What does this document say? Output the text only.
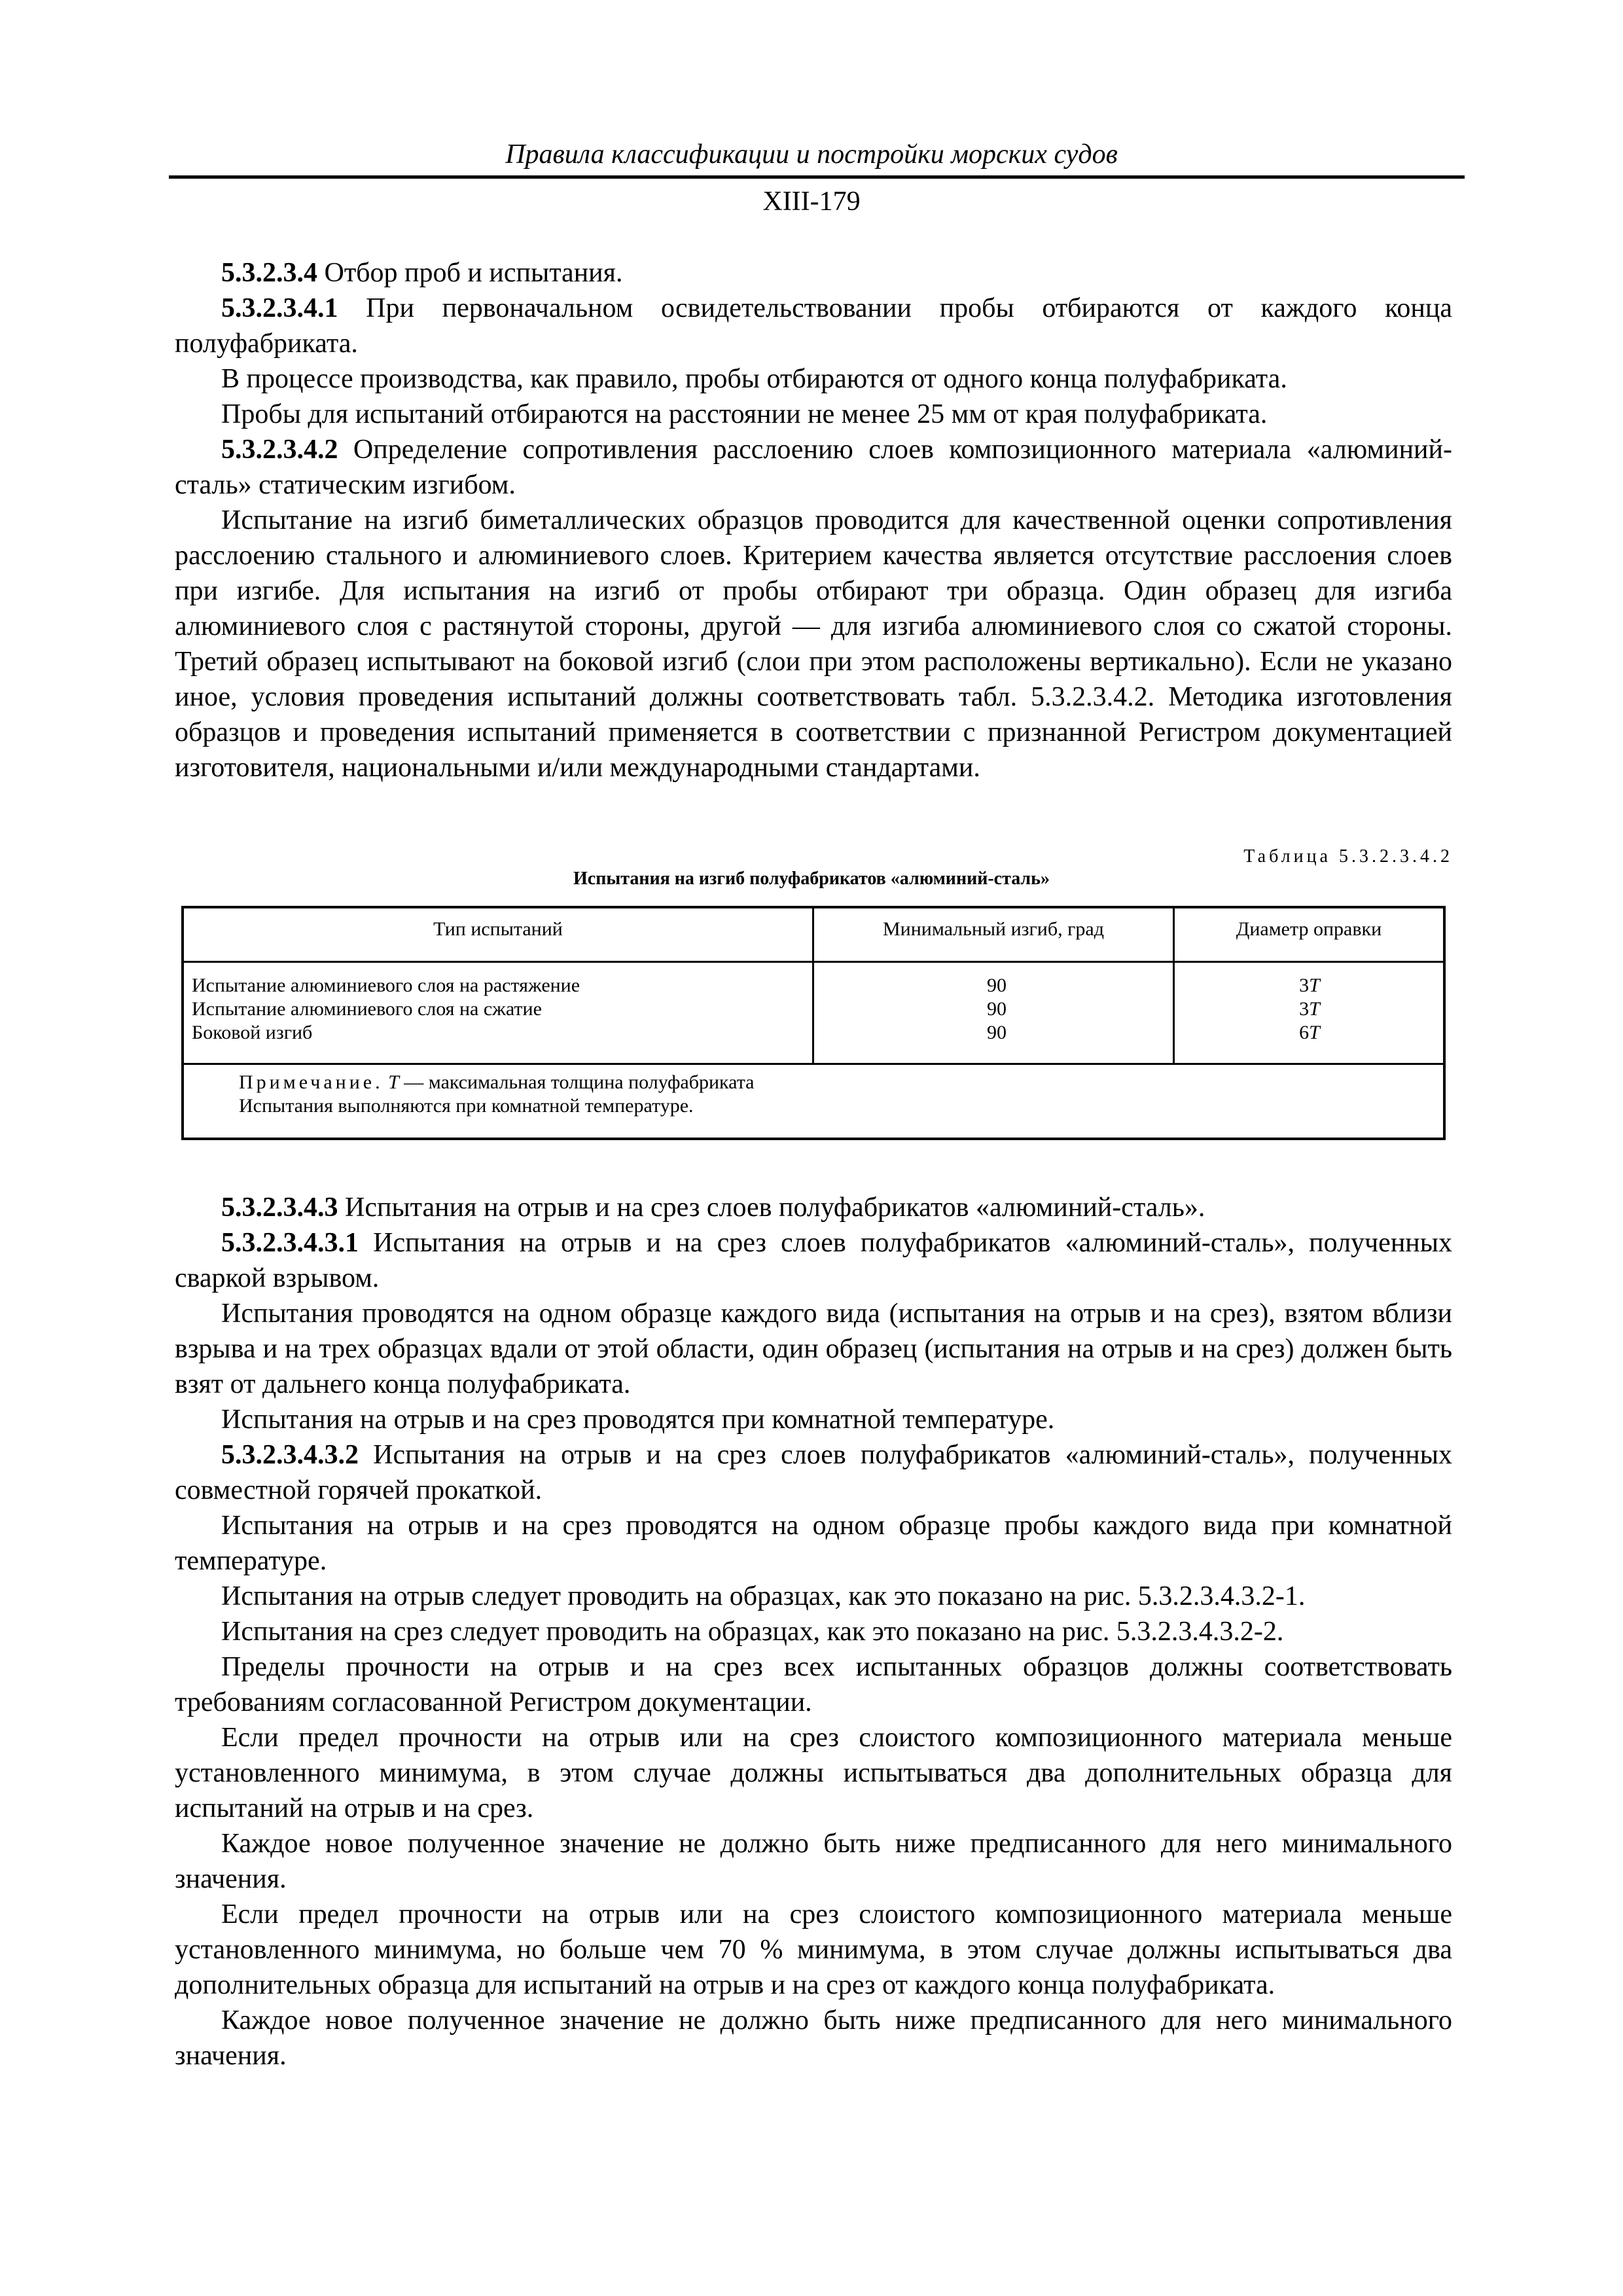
Правила классификации и постройки морских судов
XIII-179

5.3.2.3.4 Отбор проб и испытания.

5.3.2.3.4.1 При первоначальном освидетельствовании пробы отбираются от каждого конца полуфабриката.

В процессе производства, как правило, пробы отбираются от одного конца полуфабриката.

Пробы для испытаний отбираются на расстоянии не менее 25 мм от края полуфабриката.

5.3.2.3.4.2 Определение сопротивления расслоению слоев композиционного материала «алюминий-сталь» статическим изгибом.

Испытание на изгиб биметаллических образцов проводится для качественной оценки сопротивления расслоению стального и алюминиевого слоев. Критерием качества является отсутствие расслоения слоев при изгибе. Для испытания на изгиб от пробы отбирают три образца. Один образец для изгиба алюминиевого слоя с растянутой стороны, другой — для изгиба алюминиевого слоя со сжатой стороны. Третий образец испытывают на боковой изгиб (слои при этом расположены вертикально). Если не указано иное, условия проведения испытаний должны соответствовать табл. 5.3.2.3.4.2. Методика изготовления образцов и проведения испытаний применяется в соответствии с признанной Регистром документацией изготовителя, национальными и/или международными стандартами.

Таблица 5.3.2.3.4.2
Испытания на изгиб полуфабрикатов «алюминий-сталь»
Тип испытаний	Минимальный изгиб, град	Диаметр оправки
Испытание алюминиевого слоя на растяжение
Испытание алюминиевого слоя на сжатие
Боковой изгиб
90
90
90
3T
3T
6T
Примечание. T — максимальная толщина полуфабриката
Испытания выполняются при комнатной температуре.

5.3.2.3.4.3 Испытания на отрыв и на срез слоев полуфабрикатов «алюминий-сталь».

5.3.2.3.4.3.1 Испытания на отрыв и на срез слоев полуфабрикатов «алюминий-сталь», полученных сваркой взрывом.

Испытания проводятся на одном образце каждого вида (испытания на отрыв и на срез), взятом вблизи взрыва и на трех образцах вдали от этой области, один образец (испытания на отрыв и на срез) должен быть взят от дальнего конца полуфабриката.

Испытания на отрыв и на срез проводятся при комнатной температуре.

5.3.2.3.4.3.2 Испытания на отрыв и на срез слоев полуфабрикатов «алюминий-сталь», полученных совместной горячей прокаткой.

Испытания на отрыв и на срез проводятся на одном образце пробы каждого вида при комнатной температуре.

Испытания на отрыв следует проводить на образцах, как это показано на рис. 5.3.2.3.4.3.2-1.

Испытания на срез следует проводить на образцах, как это показано на рис. 5.3.2.3.4.3.2-2.

Пределы прочности на отрыв и на срез всех испытанных образцов должны соответствовать требованиям согласованной Регистром документации.

Если предел прочности на отрыв или на срез слоистого композиционного материала меньше установленного минимума, в этом случае должны испытываться два дополнительных образца для испытаний на отрыв и на срез.

Каждое новое полученное значение не должно быть ниже предписанного для него минимального значения.

Если предел прочности на отрыв или на срез слоистого композиционного материала меньше установленного минимума, но больше чем 70 % минимума, в этом случае должны испытываться два дополнительных образца для испытаний на отрыв и на срез от каждого конца полуфабриката.

Каждое новое полученное значение не должно быть ниже предписанного для него минимального значения.
